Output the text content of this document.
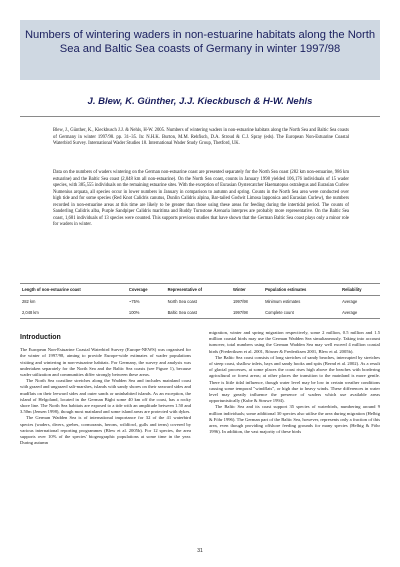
Numbers of wintering waders in non-estuarine habitats along the North Sea and Baltic Sea coasts of Germany in winter 1997/98
J. Blew, K. Günther, J.J. Kieckbusch & H-W. Nehls
Blew, J., Günther, K., Kieckbusch J.J. & Nehls, H-W. 2005. Numbers of wintering waders in non-estuarine habitats along the North Sea and Baltic Sea coasts of Germany in winter 1997/98. pp. 31–35. In: N.H.K. Burton, M.M. Rehfisch, D.A. Stroud & C.J. Spray (eds). The European Non-Estuarine Coastal Waterbird Survey. International Wader Studies 18. International Wader Study Group, Thetford, UK.
Data on the numbers of waders wintering on the German non-estuarine coast are presented separately for the North Sea coast (282 km non-estuarine, 986 km estuarine) and the Baltic Sea coast (2,048 km all non-estuarine). On the North Sea coast, counts in January 1998 yielded 106,176 individuals of 15 wader species, with 385,555 individuals on the remaining estuarine sites. With the exception of Eurasian Oystercatcher Haematopus ostralegus and Eurasian Curlew Numenius arquata, all species occur in lower numbers in January in comparison to autumn and spring. Counts in the North Sea area were conducted over high tide and for some species (Red Knot Calidris canutus, Dunlin Calidris alpina, Bar-tailed Godwit Limosa lapponica and Eurasian Curlew), the numbers recorded in non-estuarine areas at this time are likely to be greater than those using these areas for feeding during the intertidal period. The counts of Sanderling Calidris alba, Purple Sandpiper Calidris maritima and Ruddy Turnstone Arenaria interpres are probably more representative. On the Baltic Sea coast, 1,681 individuals of 13 species were counted. This supports previous studies that have shown that the German Baltic Sea coast plays only a minor role for waders in winter.
Length of non-estuarine coast	Coverage	Representative of	Winter	Population estimates	Reliability
282 km	~75%	North Sea coast	1997/98	Minimum estimates	Average
2,048 km	100%	Baltic Sea coast	1997/98	Complete count	Average
Introduction

The European Non-Estuarine Coastal Waterbird Survey (Europe-NEWS) was organised for the winter of 1997/98, aiming to provide Europe-wide estimates of wader populations visiting and wintering in non-estuarine habitats. For Germany, the survey and analysis was undertaken separately for the North Sea and the Baltic Sea coasts (see Figure 1), because wader utilization and communities differ strongly between these areas.

The North Sea coastline stretches along the Wadden Sea and includes mainland coast with grazed and ungrazed salt-marshes, islands with sandy shores on their seaward sides and mudflats on their leeward sides and outer sands or uninhabited islands. As an exception, the island of Helgoland, located in the German Bight some 40 km off the coast, has a rocky shore line. The North Sea habitats are exposed to a tide with an amplitude between 1.50 and 3.50m (Jensen 1998), though most mainland and some island areas are protected with dykes.

The German Wadden Sea is of international importance for 32 of the 41 waterbird species (waders, divers, grebes, cormorants, herons, wildfowl, gulls and terns) covered by various international reporting programmes (Blew et al. 2005b). For 12 species, the area supports over 10% of the species' biogeographic populations at some time in the year. During autumn

migration, winter and spring migration respectively, some 2 million, 0.5 million and 1.5 million coastal birds may use the German Wadden Sea simultaneously. Taking into account turnover, total numbers using the German Wadden Sea may well exceed 4 million coastal birds (Frederiksen et al. 2001, Rösner & Frederiksen 2001, Blew et al. 2005b).

The Baltic Sea coast consists of long stretches of sandy beaches, interrupted by stretches of steep coast, shallow inlets, bays and sandy hooks and spits (Bernd et al. 2002). As a result of glacial processes, at some places the coast rises high above the beaches with bordering agricultural or forest areas; at other places the transition to the mainland is more gentle. There is little tidal influence, though water level may be low in certain weather conditions causing some temporal "windflats", or high due to heavy winds. These differences in water level may greatly influence the presence of waders which use available areas opportunistically (Kube & Struwe 1994).

The Baltic Sea and its coast support 35 species of waterbirds, numbering around 9 million individuals; some additional 30 species also utilise the area during migration (Helbig & Föhr 1996). The German part of the Baltic Sea, however, represents only a fraction of this area, even though providing offshore feeding grounds for many species (Helbig & Föhr 1996). In addition, the vast majority of these birds

31
